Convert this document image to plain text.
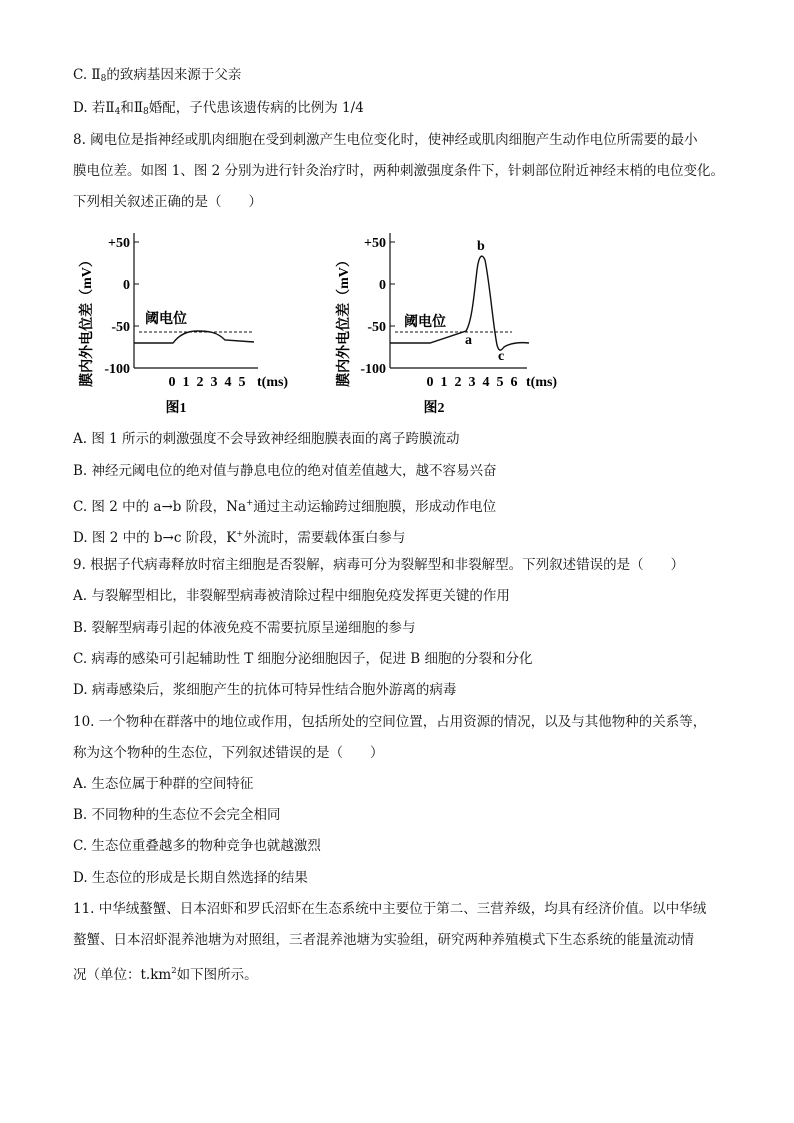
C. $Ⅱ_8$的致病基因来源于父亲
D. 若$Ⅱ_4$和$Ⅱ_8$婚配，子代患该遗传病的比例为 1/4
8. 阈电位是指神经或肌肉细胞在受到刺激产生电位变化时，使神经或肌肉细胞产生动作电位所需要的最小
膜电位差。如图 1、图 2 分别为进行针灸治疗时，两种刺激强度条件下，针刺部位附近神经末梢的电位变化。
下列相关叙述正确的是（　　）
膜内外电位差（mV）
+50
0
-50
-100
阈电位
0 1 2 3 4 5 t(ms)
图1
膜内外电位差（mV）
+50
0
-50
-100
阈电位
a
b
c
0 1 2 3 4 5 6 t(ms)
图2
A. 图 1 所示的刺激强度不会导致神经细胞膜表面的离子跨膜流动
B. 神经元阈电位的绝对值与静息电位的绝对值差值越大，越不容易兴奋
C. 图 2 中的 a→b 阶段，Na+通过主动运输跨过细胞膜，形成动作电位
D. 图 2 中的 b→c 阶段，K+外流时，需要载体蛋白参与
9. 根据子代病毒释放时宿主细胞是否裂解，病毒可分为裂解型和非裂解型。下列叙述错误的是（　　）
A. 与裂解型相比，非裂解型病毒被清除过程中细胞免疫发挥更关键的作用
B. 裂解型病毒引起的体液免疫不需要抗原呈递细胞的参与
C. 病毒的感染可引起辅助性 T 细胞分泌细胞因子，促进 B 细胞的分裂和分化
D. 病毒感染后，浆细胞产生的抗体可特异性结合胞外游离的病毒
10. 一个物种在群落中的地位或作用，包括所处的空间位置，占用资源的情况，以及与其他物种的关系等，
称为这个物种的生态位，下列叙述错误的是（　　）
A. 生态位属于种群的空间特征
B. 不同物种的生态位不会完全相同
C. 生态位重叠越多的物种竞争也就越激烈
D. 生态位的形成是长期自然选择的结果
11. 中华绒螯蟹、日本沼虾和罗氏沼虾在生态系统中主要位于第二、三营养级，均具有经济价值。以中华绒
螯蟹、日本沼虾混养池塘为对照组，三者混养池塘为实验组，研究两种养殖模式下生态系统的能量流动情
况（单位：$t.km^2$如下图所示。
